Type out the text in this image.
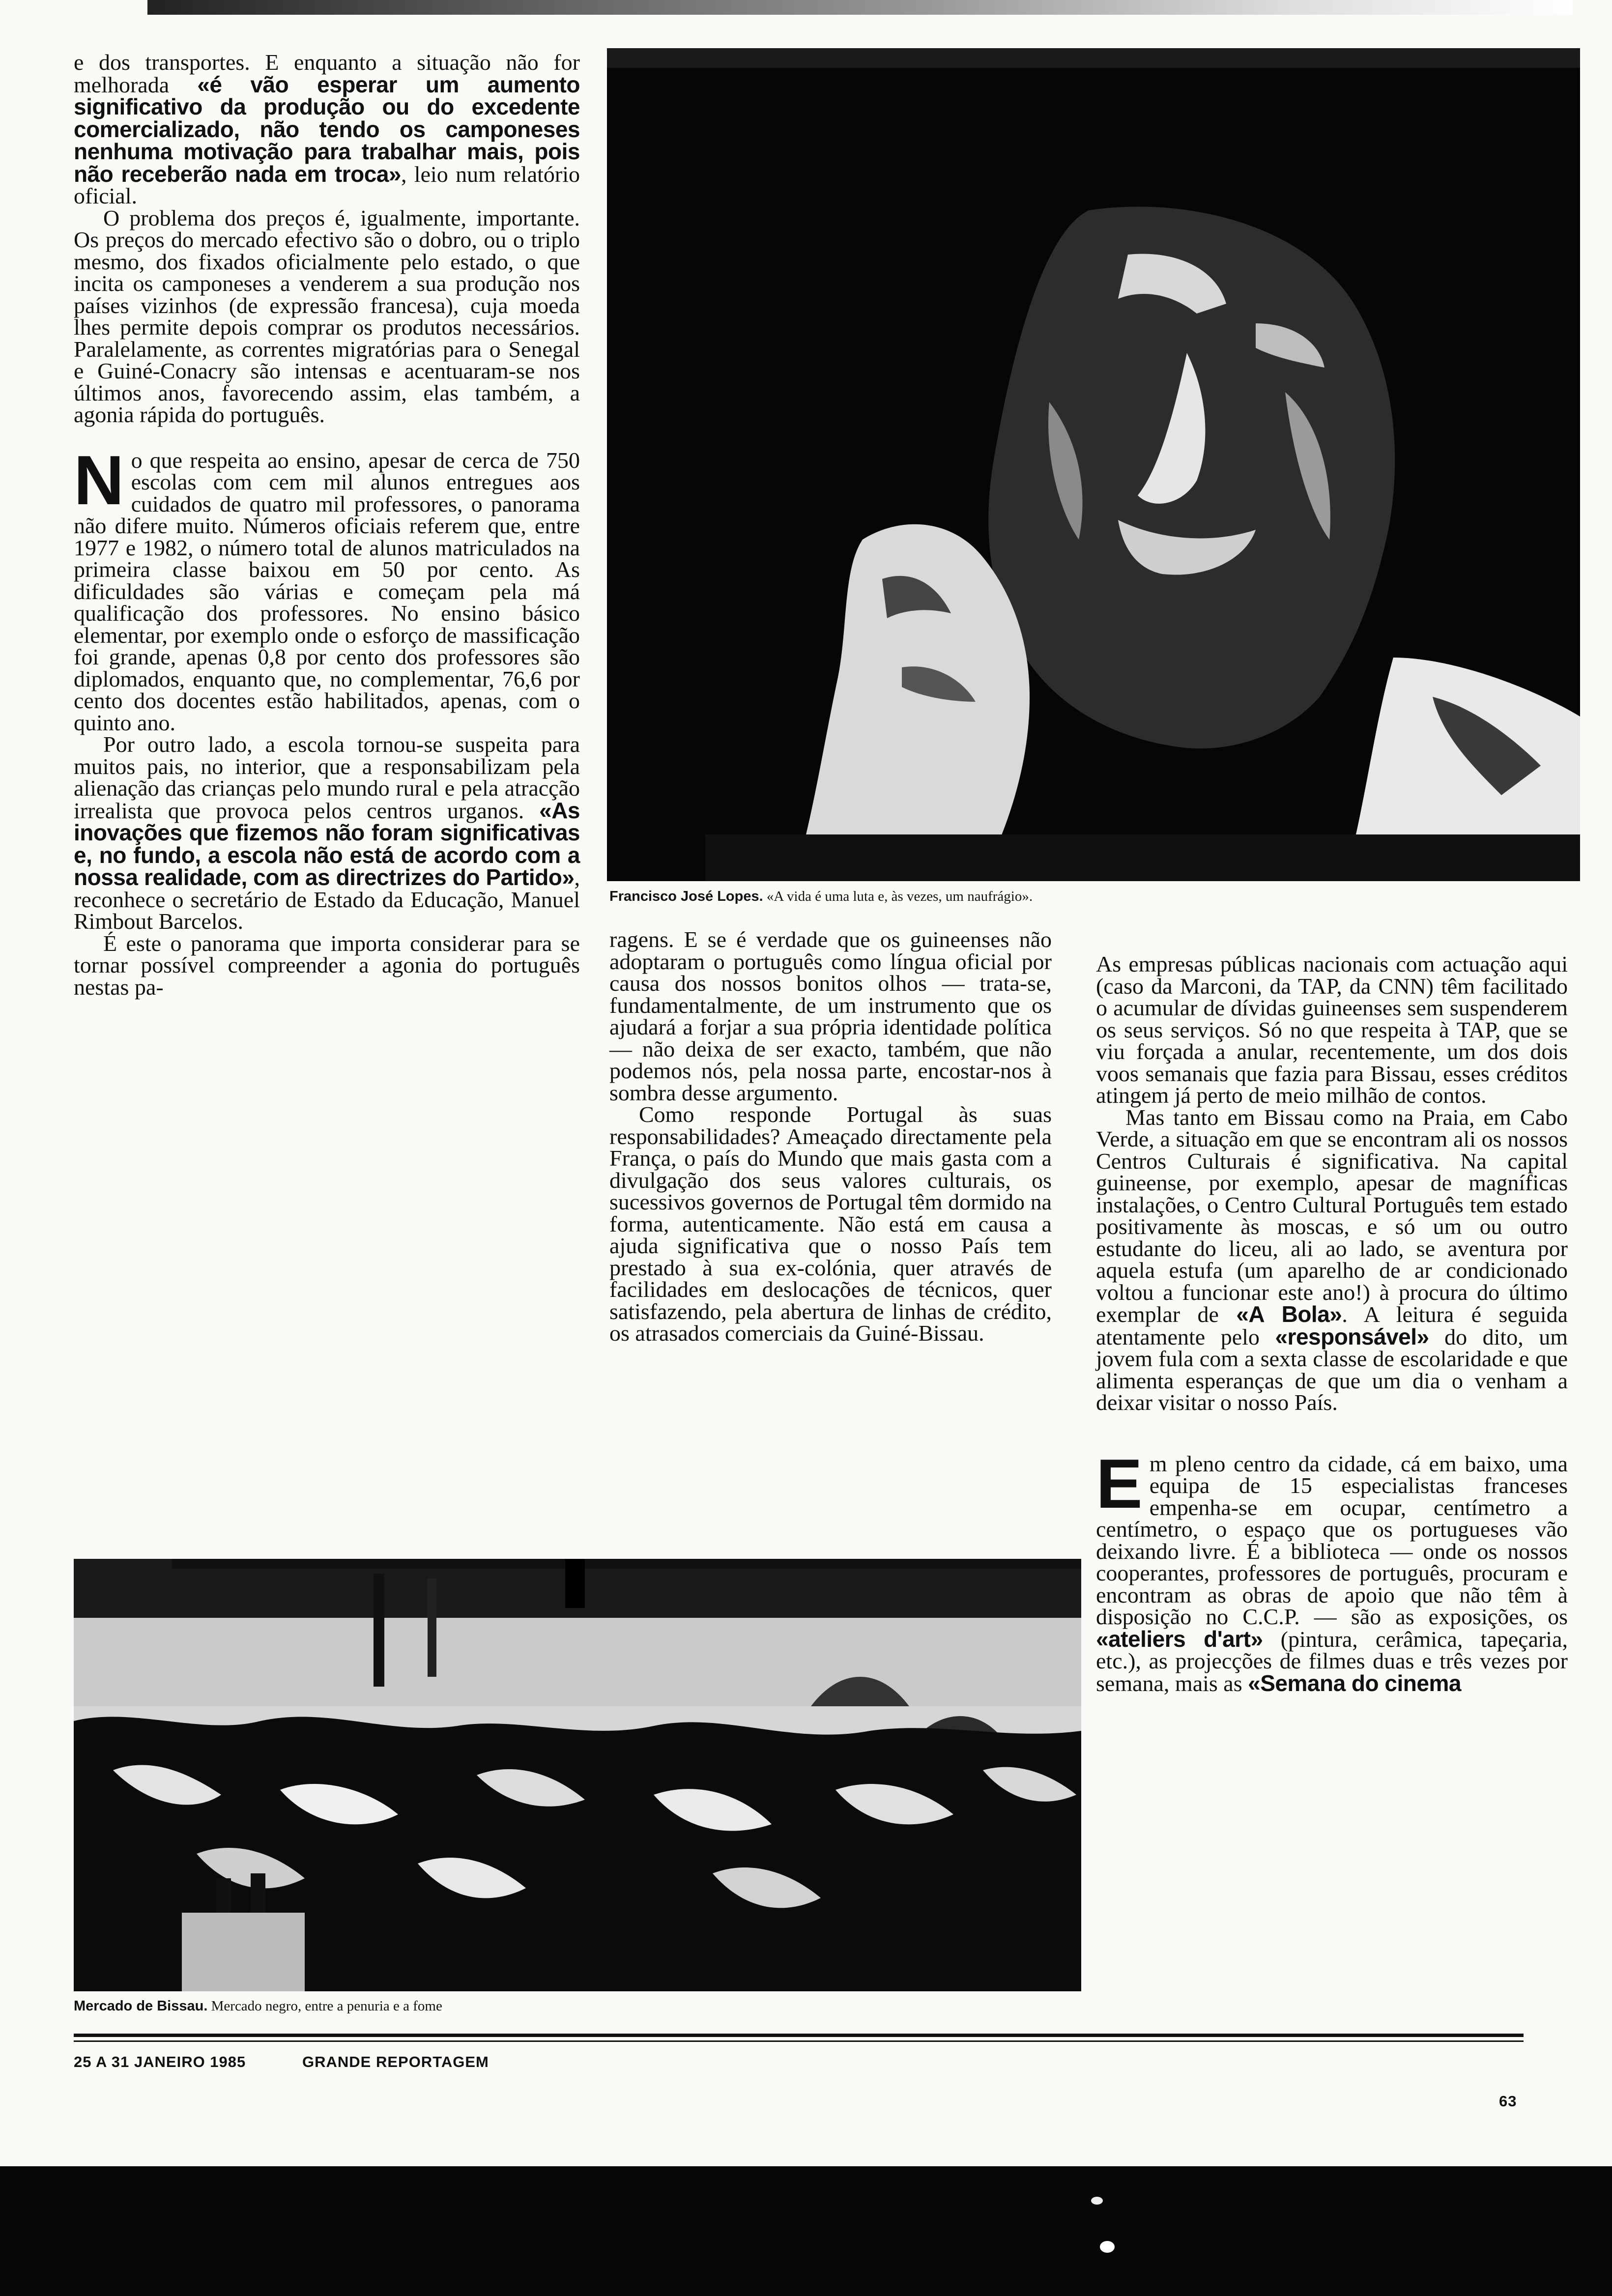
e dos transportes. E enquanto a situação não for melhorada «é vão esperar um aumento significativo da produção ou do excedente comercializado, não tendo os camponeses nenhuma motivação para trabalhar mais, pois não receberão nada em troca», leio num relatório oficial.

O problema dos preços é, igualmente, importante. Os preços do mercado efectivo são o dobro, ou o triplo mesmo, dos fixados oficialmente pelo estado, o que incita os camponeses a venderem a sua produção nos países vizinhos (de expressão francesa), cuja moeda lhes permite depois comprar os produtos necessários. Paralelamente, as correntes migratórias para o Senegal e Guiné-Conacry são intensas e acentuaram-se nos últimos anos, favorecendo assim, elas também, a agonia rápida do português.

No que respeita ao ensino, apesar de cerca de 750 escolas com cem mil alunos entregues aos cuidados de quatro mil professores, o panorama não difere muito. Números oficiais referem que, entre 1977 e 1982, o número total de alunos matriculados na primeira classe baixou em 50 por cento. As dificuldades são várias e começam pela má qualificação dos professores. No ensino básico elementar, por exemplo onde o esforço de massificação foi grande, apenas 0,8 por cento dos professores são diplomados, enquanto que, no complementar, 76,6 por cento dos docentes estão habilitados, apenas, com o quinto ano.

Por outro lado, a escola tornou-se suspeita para muitos pais, no interior, que a responsabilizam pela alienação das crianças pelo mundo rural e pela atracção irrealista que provoca pelos centros urganos. «As inovações que fizemos não foram significativas e, no fundo, a escola não está de acordo com a nossa realidade, com as directrizes do Partido», reconhece o secretário de Estado da Educação, Manuel Rimbout Barcelos.

É este o panorama que importa considerar para se tornar possível compreender a agonia do português nestas pa-

Francisco José Lopes. «A vida é uma luta e, às vezes, um naufrágio».

ragens. E se é verdade que os guineenses não adoptaram o português como língua oficial por causa dos nossos bonitos olhos — trata-se, fundamentalmente, de um instrumento que os ajudará a forjar a sua própria identidade política — não deixa de ser exacto, também, que não podemos nós, pela nossa parte, encostar-nos à sombra desse argumento.

Como responde Portugal às suas responsabilidades? Ameaçado directamente pela França, o país do Mundo que mais gasta com a divulgação dos seus valores culturais, os sucessivos governos de Portugal têm dormido na forma, autenticamente. Não está em causa a ajuda significativa que o nosso País tem prestado à sua ex-colónia, quer através de facilidades em deslocações de técnicos, quer satisfazendo, pela abertura de linhas de crédito, os atrasados comerciais da Guiné-Bissau.

As empresas públicas nacionais com actuação aqui (caso da Marconi, da TAP, da CNN) têm facilitado o acumular de dívidas guineenses sem suspenderem os seus serviços. Só no que respeita à TAP, que se viu forçada a anular, recentemente, um dos dois voos semanais que fazia para Bissau, esses créditos atingem já perto de meio milhão de contos.

Mas tanto em Bissau como na Praia, em Cabo Verde, a situação em que se encontram ali os nossos Centros Culturais é significativa. Na capital guineense, por exemplo, apesar de magníficas instalações, o Centro Cultural Português tem estado positivamente às moscas, e só um ou outro estudante do liceu, ali ao lado, se aventura por aquela estufa (um aparelho de ar condicionado voltou a funcionar este ano!) à procura do último exemplar de «A Bola». A leitura é seguida atentamente pelo «responsável» do dito, um jovem fula com a sexta classe de escolaridade e que alimenta esperanças de que um dia o venham a deixar visitar o nosso País.

Em pleno centro da cidade, cá em baixo, uma equipa de 15 especialistas franceses empenha-se em ocupar, centímetro a centímetro, o espaço que os portugueses vão deixando livre. É a biblioteca — onde os nossos cooperantes, professores de português, procuram e encontram as obras de apoio que não têm à disposição no C.C.P. — são as exposições, os «ateliers d'art» (pintura, cerâmica, tapeçaria, etc.), as projecções de filmes duas e três vezes por semana, mais as «Semana do cinema

Mercado de Bissau. Mercado negro, entre a penuria e a fome
25 A 31 JANEIRO 1985	GRANDE REPORTAGEM
63
